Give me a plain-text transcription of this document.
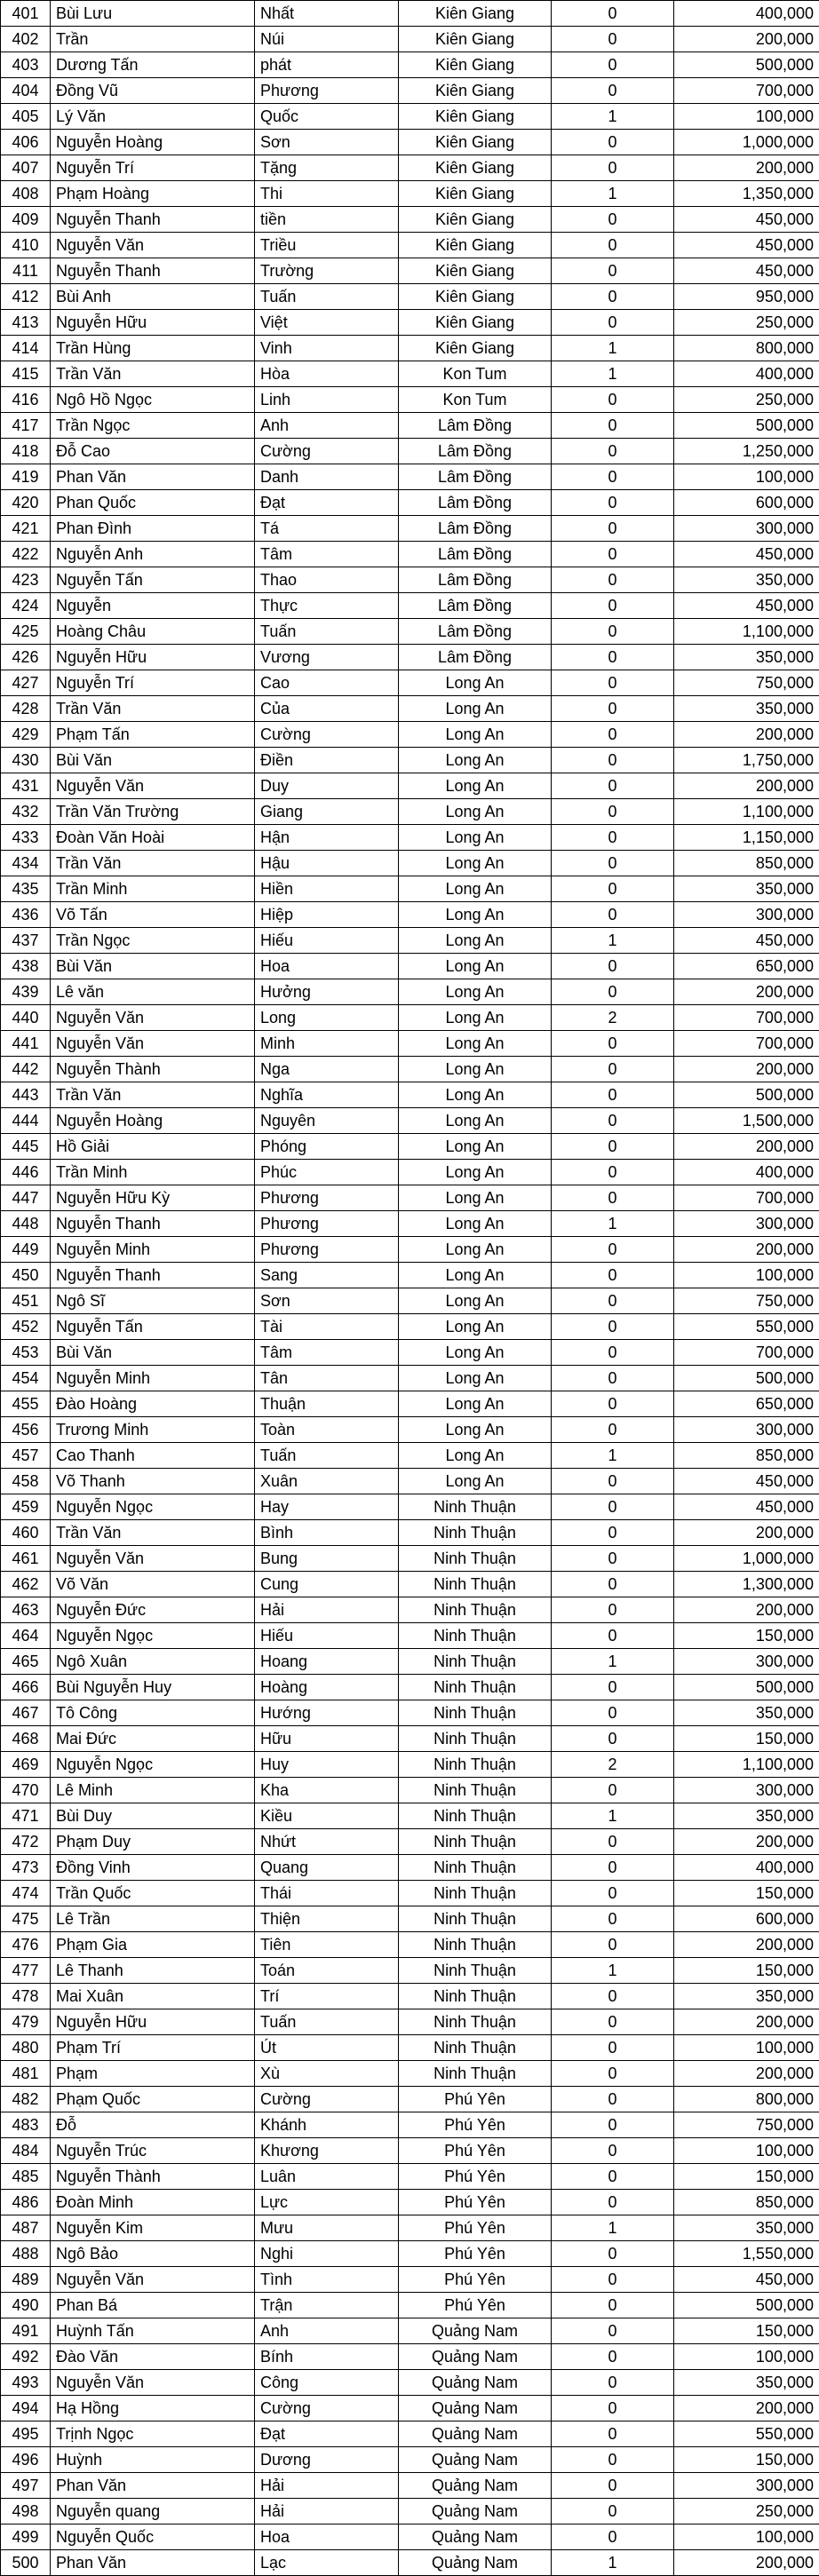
401	Bùi Lưu	Nhất	Kiên Giang	0	400,000
402	Trần	Núi	Kiên Giang	0	200,000
403	Dương Tấn	phát	Kiên Giang	0	500,000
404	Đồng Vũ	Phương	Kiên Giang	0	700,000
405	Lý Văn	Quốc	Kiên Giang	1	100,000
406	Nguyễn Hoàng	Sơn	Kiên Giang	0	1,000,000
407	Nguyễn Trí	Tặng	Kiên Giang	0	200,000
408	Phạm Hoàng	Thi	Kiên Giang	1	1,350,000
409	Nguyễn Thanh	tiền	Kiên Giang	0	450,000
410	Nguyễn Văn	Triều	Kiên Giang	0	450,000
411	Nguyễn Thanh	Trường	Kiên Giang	0	450,000
412	Bùi Anh	Tuấn	Kiên Giang	0	950,000
413	Nguyễn Hữu	Việt	Kiên Giang	0	250,000
414	Trần Hùng	Vinh	Kiên Giang	1	800,000
415	Trần Văn	Hòa	Kon Tum	1	400,000
416	Ngô Hồ Ngọc	Linh	Kon Tum	0	250,000
417	Trần Ngọc	Anh	Lâm Đồng	0	500,000
418	Đỗ Cao	Cường	Lâm Đồng	0	1,250,000
419	Phan Văn	Danh	Lâm Đồng	0	100,000
420	Phan Quốc	Đạt	Lâm Đồng	0	600,000
421	Phan Đình	Tá	Lâm Đồng	0	300,000
422	Nguyễn Anh	Tâm	Lâm Đồng	0	450,000
423	Nguyễn Tấn	Thao	Lâm Đồng	0	350,000
424	Nguyễn	Thực	Lâm Đồng	0	450,000
425	Hoàng Châu	Tuấn	Lâm Đồng	0	1,100,000
426	Nguyễn Hữu	Vương	Lâm Đồng	0	350,000
427	Nguyễn Trí	Cao	Long An	0	750,000
428	Trần Văn	Của	Long An	0	350,000
429	Phạm Tấn	Cường	Long An	0	200,000
430	Bùi Văn	Điền	Long An	0	1,750,000
431	Nguyễn Văn	Duy	Long An	0	200,000
432	Trần Văn Trường	Giang	Long An	0	1,100,000
433	Đoàn Văn Hoài	Hận	Long An	0	1,150,000
434	Trần Văn	Hậu	Long An	0	850,000
435	Trần Minh	Hiền	Long An	0	350,000
436	Võ Tấn	Hiệp	Long An	0	300,000
437	Trần Ngọc	Hiếu	Long An	1	450,000
438	Bùi Văn	Hoa	Long An	0	650,000
439	Lê văn	Hưởng	Long An	0	200,000
440	Nguyễn Văn	Long	Long An	2	700,000
441	Nguyễn Văn	Minh	Long An	0	700,000
442	Nguyễn Thành	Nga	Long An	0	200,000
443	Trần Văn	Nghĩa	Long An	0	500,000
444	Nguyễn Hoàng	Nguyên	Long An	0	1,500,000
445	Hồ Giải	Phóng	Long An	0	200,000
446	Trần Minh	Phúc	Long An	0	400,000
447	Nguyễn Hữu Kỳ	Phương	Long An	0	700,000
448	Nguyễn Thanh	Phương	Long An	1	300,000
449	Nguyễn Minh	Phương	Long An	0	200,000
450	Nguyễn Thanh	Sang	Long An	0	100,000
451	Ngô Sĩ	Sơn	Long An	0	750,000
452	Nguyễn Tấn	Tài	Long An	0	550,000
453	Bùi Văn	Tâm	Long An	0	700,000
454	Nguyễn Minh	Tân	Long An	0	500,000
455	Đào Hoàng	Thuận	Long An	0	650,000
456	Trương Minh	Toàn	Long An	0	300,000
457	Cao Thanh	Tuấn	Long An	1	850,000
458	Võ Thanh	Xuân	Long An	0	450,000
459	Nguyễn Ngọc	Hay	Ninh Thuận	0	450,000
460	Trần Văn	Bình	Ninh Thuận	0	200,000
461	Nguyễn Văn	Bung	Ninh Thuận	0	1,000,000
462	Võ Văn	Cung	Ninh Thuận	0	1,300,000
463	Nguyễn Đức	Hải	Ninh Thuận	0	200,000
464	Nguyễn Ngọc	Hiếu	Ninh Thuận	0	150,000
465	Ngô Xuân	Hoang	Ninh Thuận	1	300,000
466	Bùi Nguyễn Huy	Hoàng	Ninh Thuận	0	500,000
467	Tô Công	Hướng	Ninh Thuận	0	350,000
468	Mai Đức	Hữu	Ninh Thuận	0	150,000
469	Nguyễn Ngọc	Huy	Ninh Thuận	2	1,100,000
470	Lê Minh	Kha	Ninh Thuận	0	300,000
471	Bùi Duy	Kiều	Ninh Thuận	1	350,000
472	Phạm Duy	Nhứt	Ninh Thuận	0	200,000
473	Đồng Vinh	Quang	Ninh Thuận	0	400,000
474	Trần Quốc	Thái	Ninh Thuận	0	150,000
475	Lê Trần	Thiện	Ninh Thuận	0	600,000
476	Phạm Gia	Tiên	Ninh Thuận	0	200,000
477	Lê Thanh	Toán	Ninh Thuận	1	150,000
478	Mai Xuân	Trí	Ninh Thuận	0	350,000
479	Nguyễn Hữu	Tuấn	Ninh Thuận	0	200,000
480	Phạm Trí	Út	Ninh Thuận	0	100,000
481	Phạm	Xù	Ninh Thuận	0	200,000
482	Phạm Quốc	Cường	Phú Yên	0	800,000
483	Đỗ	Khánh	Phú Yên	0	750,000
484	Nguyễn Trúc	Khương	Phú Yên	0	100,000
485	Nguyễn Thành	Luân	Phú Yên	0	150,000
486	Đoàn Minh	Lực	Phú Yên	0	850,000
487	Nguyễn Kim	Mưu	Phú Yên	1	350,000
488	Ngô Bảo	Nghi	Phú Yên	0	1,550,000
489	Nguyễn Văn	Tình	Phú Yên	0	450,000
490	Phan Bá	Trận	Phú Yên	0	500,000
491	Huỳnh Tấn	Anh	Quảng Nam	0	150,000
492	Đào Văn	Bính	Quảng Nam	0	100,000
493	Nguyễn Văn	Công	Quảng Nam	0	350,000
494	Hạ Hồng	Cường	Quảng Nam	0	200,000
495	Trịnh Ngọc	Đạt	Quảng Nam	0	550,000
496	Huỳnh	Dương	Quảng Nam	0	150,000
497	Phan Văn	Hải	Quảng Nam	0	300,000
498	Nguyễn quang	Hải	Quảng Nam	0	250,000
499	Nguyễn Quốc	Hoa	Quảng Nam	0	100,000
500	Phan Văn	Lạc	Quảng Nam	1	200,000
